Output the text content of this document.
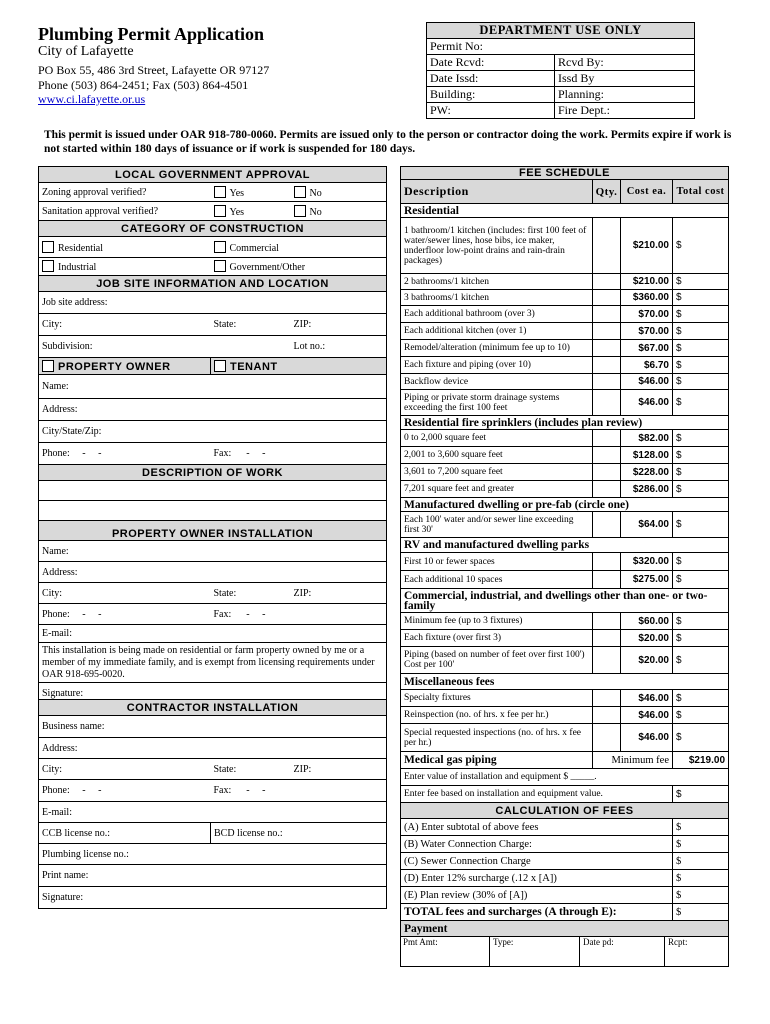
Plumbing Permit Application
City of Lafayette
PO Box 55, 486 3rd Street, Lafayette OR 97127
Phone (503) 864-2451; Fax (503) 864-4501
www.ci.lafayette.or.us
DEPARTMENT USE ONLY	
Permit No:	
Date Rcvd:	Rcvd By:
Date Issd:	Issd By
Building:	Planning:
PW:	Fire Dept.:
This permit is issued under OAR 918-780-0060. Permits are issued only to the person or contractor doing the work. Permits expire if work is not started within 180 days of issuance or if work is suspended for 180 days.
LOCAL GOVERNMENT APPROVAL		
Zoning approval verified?	Yes	No
Sanitation approval verified?	Yes	No
CATEGORY OF CONSTRUCTION		
Residential	Commercial	
Industrial	Government/Other	
JOB SITE INFORMATION AND LOCATION		
Job site address:		
City:	State:	ZIP:
Subdivision:		Lot no.:
PROPERTY OWNER	TENANT	
Name:		
Address:		
City/State/Zip:		
Phone: - -	Fax: - -	
DESCRIPTION OF WORK		

PROPERTY OWNER INSTALLATION		
Name:		
Address:		
City:	State:	ZIP:
Phone: - -	Fax: - -	
E-mail:		
This installation is being made on residential or farm property owned by me or a member of my immediate family, and is exempt from licensing requirements under OAR 918-695-0020.		
Signature:		
CONTRACTOR INSTALLATION		
Business name:		
Address:		
City:	State:	ZIP:
Phone: - -	Fax: - -	
E-mail:		
CCB license no.:	BCD license no.:	
Plumbing license no.:		
Print name:		
Signature:		
FEE SCHEDULE			
Description	Qty.	Cost ea.	Total cost
Residential			
1 bathroom/1 kitchen (includes: first 100 feet of water/sewer lines, hose bibs, ice maker, underfloor low-point drains and rain-drain packages)		$210.00	$
2 bathrooms/1 kitchen		$210.00	$
3 bathrooms/1 kitchen		$360.00	$
Each additional bathroom (over 3)		$70.00	$
Each additional kitchen (over 1)		$70.00	$
Remodel/alteration (minimum fee up to 10)		$67.00	$
Each fixture and piping (over 10)		$6.70	$
Backflow device		$46.00	$
Piping or private storm drainage systems exceeding the first 100 feet		$46.00	$
Residential fire sprinklers (includes plan review)			
0 to 2,000 square feet		$82.00	$
2,001 to 3,600 square feet		$128.00	$
3,601 to 7,200 square feet		$228.00	$
7,201 square feet and greater		$286.00	$
Manufactured dwelling or pre-fab (circle one)			
Each 100' water and/or sewer line exceeding first 30'		$64.00	$
RV and manufactured dwelling parks			
First 10 or fewer spaces		$320.00	$
Each additional 10 spaces		$275.00	$
Commercial, industrial, and dwellings other than one- or two-family			
Minimum fee (up to 3 fixtures)		$60.00	$
Each fixture (over first 3)		$20.00	$
Piping (based on number of feet over first 100') Cost per 100'		$20.00	$
Miscellaneous fees			
Specialty fixtures		$46.00	$
Reinspection (no. of hrs. x fee per hr.)		$46.00	$
Special requested inspections (no. of hrs. x fee per hr.)		$46.00	$
Medical gas piping	Minimum fee		$219.00
Enter value of installation and equipment $ _____.			
Enter fee based on installation and equipment value.			$
CALCULATION OF FEES			
(A) Enter subtotal of above fees			$
(B) Water Connection Charge:			$
(C) Sewer Connection Charge			$
(D) Enter 12% surcharge (.12 x [A])			$
(E) Plan review (30% of [A])			$
TOTAL fees and surcharges (A through E):			$
Payment			

Pmt Amt: Type: Date pd: Rcpt:			
